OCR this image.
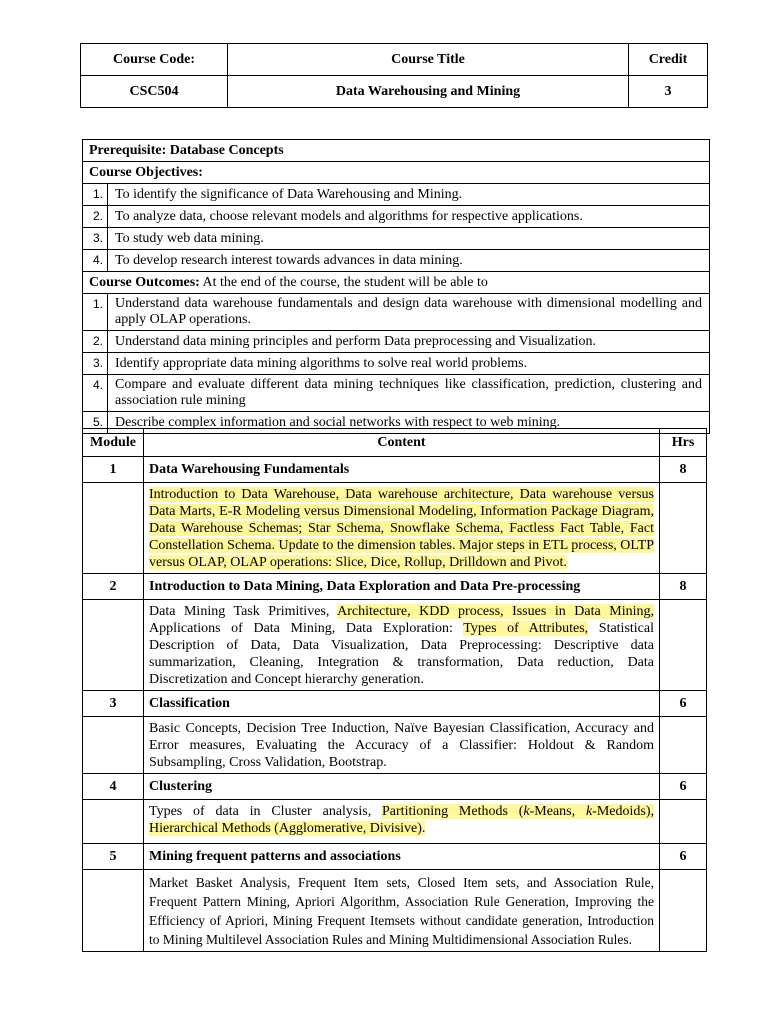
Course Code:	Course Title	Credit
CSC504	Data Warehousing and Mining	3
Prerequisite: Database Concepts	
Course Objectives:	
1.	To identify the significance of Data Warehousing and Mining.
2.	To analyze data, choose relevant models and algorithms for respective applications.
3.	To study web data mining.
4.	To develop research interest towards advances in data mining.
Course Outcomes: At the end of the course, the student will be able to	
1.	Understand data warehouse fundamentals and design data warehouse with dimensional modelling and apply OLAP operations.
2.	Understand data mining principles and perform Data preprocessing and Visualization.
3.	Identify appropriate data mining algorithms to solve real world problems.
4.	Compare and evaluate different data mining techniques like classification, prediction, clustering and association rule mining
5.	Describe complex information and social networks with respect to web mining.
Module	Content	Hrs
1	Data Warehousing Fundamentals	8
	Introduction to Data Warehouse, Data warehouse architecture, Data warehouse versus Data Marts, E-R Modeling versus Dimensional Modeling, Information Package Diagram, Data Warehouse Schemas; Star Schema, Snowflake Schema, Factless Fact Table, Fact Constellation Schema. Update to the dimension tables. Major steps in ETL process, OLTP versus OLAP, OLAP operations: Slice, Dice, Rollup, Drilldown and Pivot.	
2	Introduction to Data Mining, Data Exploration and Data Pre-processing	8
	Data Mining Task Primitives, Architecture, KDD process, Issues in Data Mining, Applications of Data Mining, Data Exploration: Types of Attributes, Statistical Description of Data, Data Visualization, Data Preprocessing: Descriptive data summarization, Cleaning, Integration & transformation, Data reduction, Data Discretization and Concept hierarchy generation.	
3	Classification	6
	Basic Concepts, Decision Tree Induction, Naïve Bayesian Classification, Accuracy and Error measures, Evaluating the Accuracy of a Classifier: Holdout & Random Subsampling, Cross Validation, Bootstrap.	
4	Clustering	6
	Types of data in Cluster analysis, Partitioning Methods (k-Means, k-Medoids), Hierarchical Methods (Agglomerative, Divisive).	
5	Mining frequent patterns and associations	6
	Market Basket Analysis, Frequent Item sets, Closed Item sets, and Association Rule, Frequent Pattern Mining, Apriori Algorithm, Association Rule Generation, Improving the Efficiency of Apriori, Mining Frequent Itemsets without candidate generation, Introduction to Mining Multilevel Association Rules and Mining Multidimensional Association Rules.	
